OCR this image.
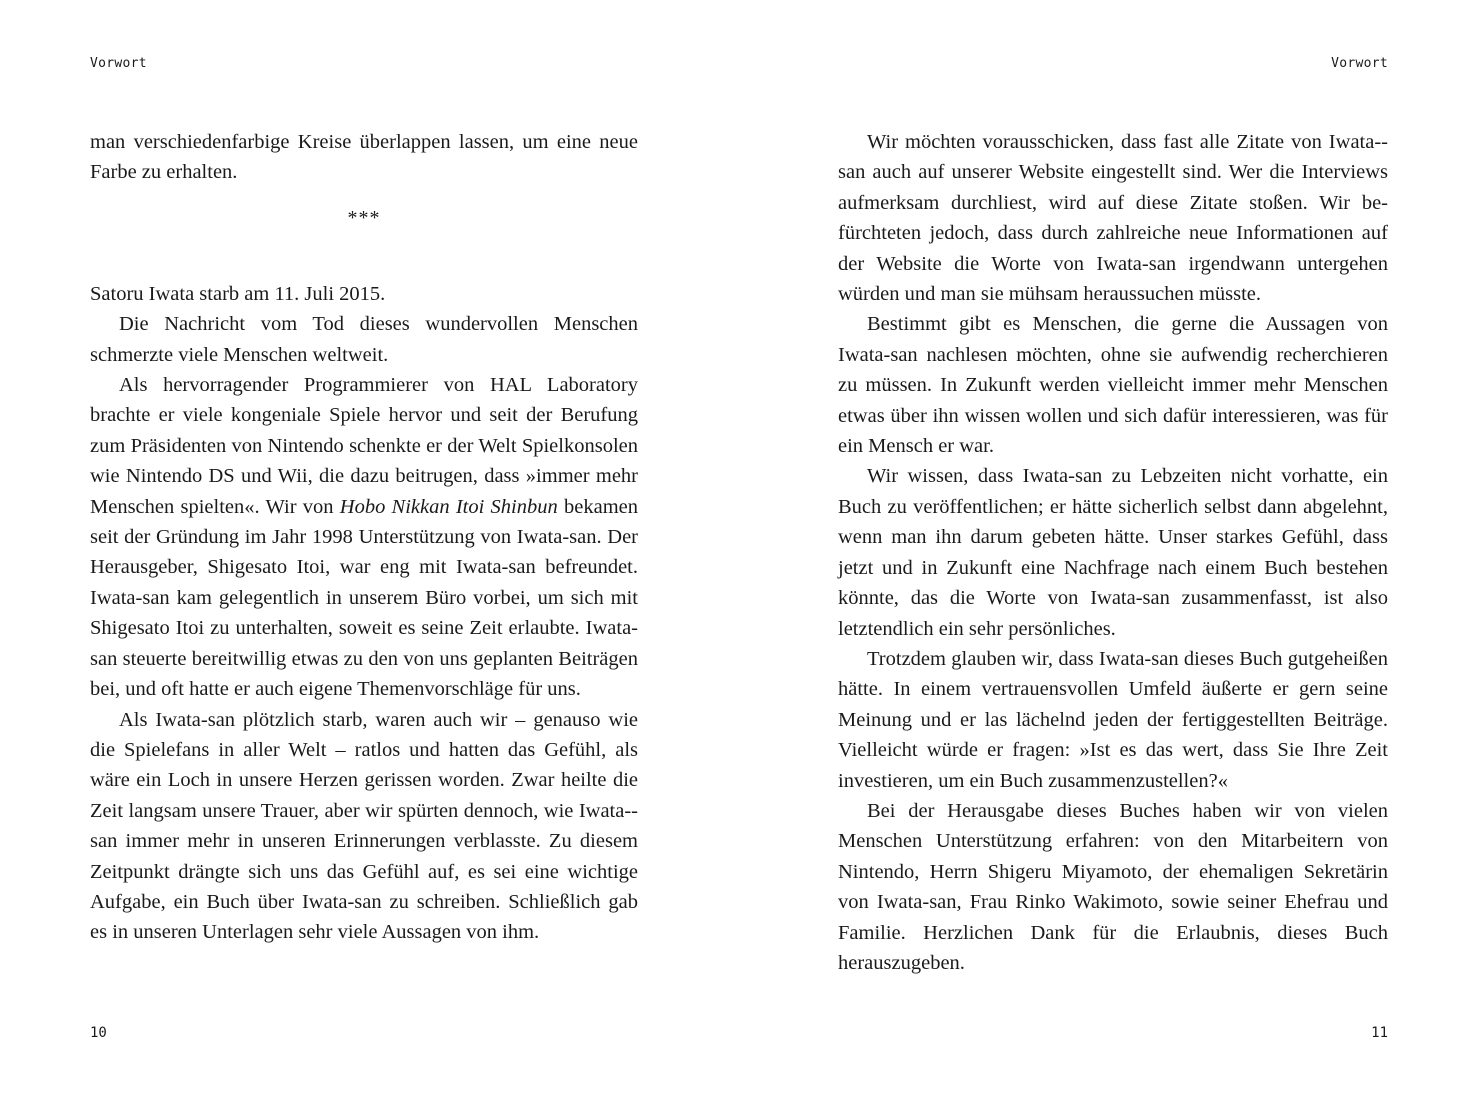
Vorwort

man verschiedenfarbige Kreise überlappen lassen, um eine neue Farbe zu erhalten.

***

Satoru Iwata starb am 11. Juli 2015.

Die Nachricht vom Tod dieses wundervollen Menschen schmerzte viele Menschen weltweit.

Als hervorragender Programmierer von HAL Laboratory brachte er viele kongeniale Spiele hervor und seit der Berufung zum Präsidenten von Nintendo schenkte er der Welt Spielkonsolen wie Nintendo DS und Wii, die dazu beitrugen, dass »immer mehr Menschen spielten«. Wir von Hobo Nikkan Itoi Shinbun bekamen seit der Gründung im Jahr 1998 Unterstützung von Iwata-san. Der Herausgeber, Shigesato Itoi, war eng mit Iwata-san befreundet. Iwata-san kam gelegentlich in unserem Büro vorbei, um sich mit Shigesato Itoi zu unterhalten, soweit es seine Zeit erlaubte. Iwata-san steuerte bereitwillig etwas zu den von uns geplanten Beiträgen bei, und oft hatte er auch eigene Themenvorschläge für uns.

Als Iwata-san plötzlich starb, waren auch wir – genauso wie die Spielefans in aller Welt – ratlos und hatten das Gefühl, als wäre ein Loch in unsere Herzen gerissen worden. Zwar heilte die Zeit langsam unsere Trauer, aber wir spürten dennoch, wie Iwata-san immer mehr in unseren Erinnerungen verblasste. Zu diesem Zeitpunkt drängte sich uns das Gefühl auf, es sei eine wichtige Aufgabe, ein Buch über Iwata-san zu schreiben. Schließlich gab es in unseren Unterlagen sehr viele Aussagen von ihm.

10
Vorwort

Wir möchten vorausschicken, dass fast alle Zitate von Iwata-san auch auf unserer Website eingestellt sind. Wer die Interviews aufmerksam durchliest, wird auf diese Zitate stoßen. Wir befürchteten jedoch, dass durch zahlreiche neue Informationen auf der Website die Worte von Iwata-san irgendwann untergehen würden und man sie mühsam heraussuchen müsste.

Bestimmt gibt es Menschen, die gerne die Aussagen von Iwata-san nachlesen möchten, ohne sie aufwendig recherchieren zu müssen. In Zukunft werden vielleicht immer mehr Menschen etwas über ihn wissen wollen und sich dafür interessieren, was für ein Mensch er war.

Wir wissen, dass Iwata-san zu Lebzeiten nicht vorhatte, ein Buch zu veröffentlichen; er hätte sicherlich selbst dann abgelehnt, wenn man ihn darum gebeten hätte. Unser starkes Gefühl, dass jetzt und in Zukunft eine Nachfrage nach einem Buch bestehen könnte, das die Worte von Iwata-san zusammenfasst, ist also letztendlich ein sehr persönliches.

Trotzdem glauben wir, dass Iwata-san dieses Buch gutgeheißen hätte. In einem vertrauensvollen Umfeld äußerte er gern seine Meinung und er las lächelnd jeden der fertiggestellten Beiträge. Vielleicht würde er fragen: »Ist es das wert, dass Sie Ihre Zeit investieren, um ein Buch zusammenzustellen?«

Bei der Herausgabe dieses Buches haben wir von vielen Menschen Unterstützung erfahren: von den Mitarbeitern von Nintendo, Herrn Shigeru Miyamoto, der ehemaligen Sekretärin von Iwata-san, Frau Rinko Wakimoto, sowie seiner Ehefrau und Familie. Herzlichen Dank für die Erlaubnis, dieses Buch herauszugeben.

11
